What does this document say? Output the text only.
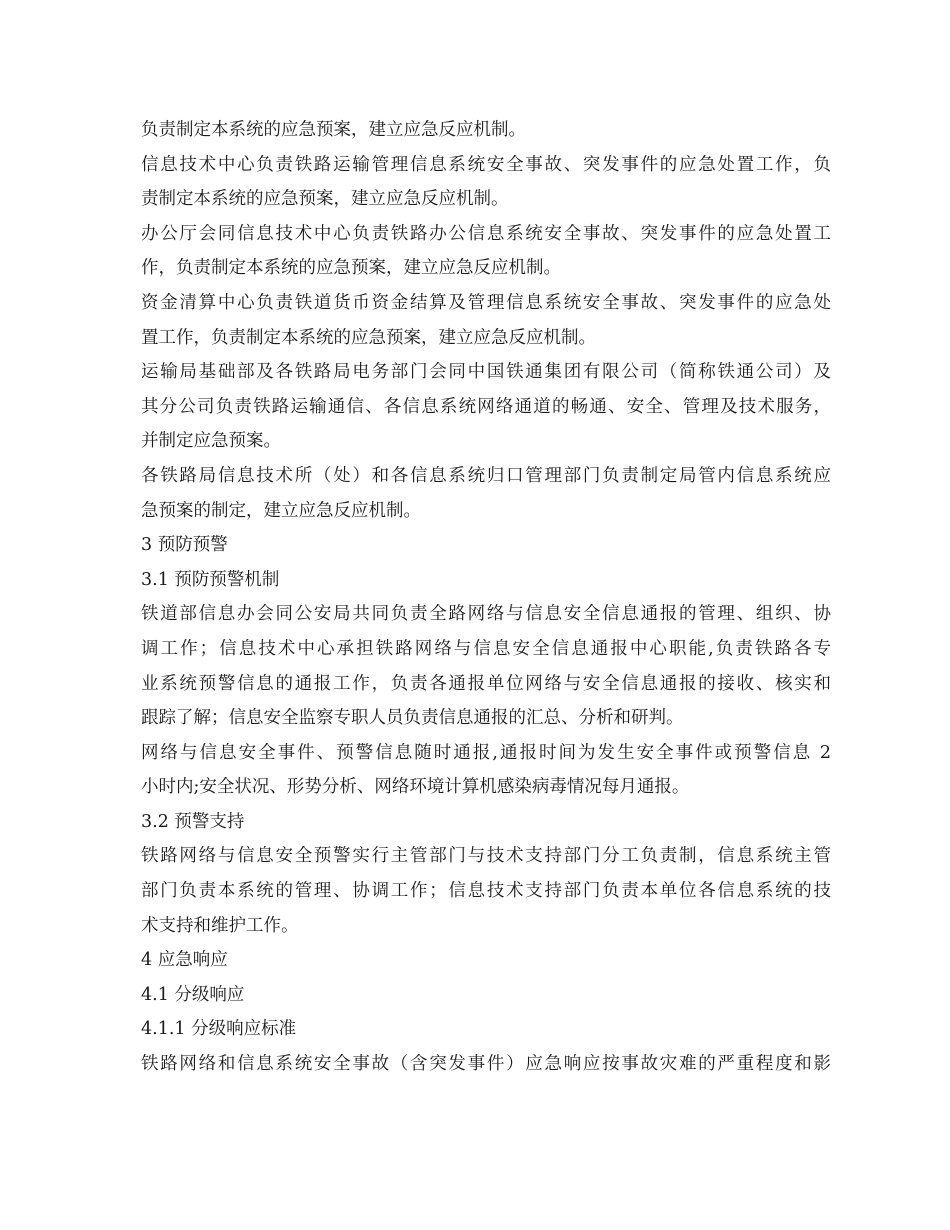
负责制定本系统的应急预案，建立应急反应机制。
信息技术中心负责铁路运输管理信息系统安全事故、突发事件的应急处置工作，负
责制定本系统的应急预案，建立应急反应机制。
办公厅会同信息技术中心负责铁路办公信息系统安全事故、突发事件的应急处置工
作，负责制定本系统的应急预案，建立应急反应机制。
资金清算中心负责铁道货币资金结算及管理信息系统安全事故、突发事件的应急处
置工作，负责制定本系统的应急预案，建立应急反应机制。
运输局基础部及各铁路局电务部门会同中国铁通集团有限公司（简称铁通公司）及
其分公司负责铁路运输通信、各信息系统网络通道的畅通、安全、管理及技术服务，
并制定应急预案。
各铁路局信息技术所（处）和各信息系统归口管理部门负责制定局管内信息系统应
急预案的制定，建立应急反应机制。
3 预防预警
3.1 预防预警机制
铁道部信息办会同公安局共同负责全路网络与信息安全信息通报的管理、组织、协
调工作；信息技术中心承担铁路网络与信息安全信息通报中心职能,负责铁路各专
业系统预警信息的通报工作，负责各通报单位网络与安全信息通报的接收、核实和
跟踪了解；信息安全监察专职人员负责信息通报的汇总、分析和研判。
网络与信息安全事件、预警信息随时通报,通报时间为发生安全事件或预警信息 2
小时内;安全状况、形势分析、网络环境计算机感染病毒情况每月通报。
3.2 预警支持
铁路网络与信息安全预警实行主管部门与技术支持部门分工负责制，信息系统主管
部门负责本系统的管理、协调工作；信息技术支持部门负责本单位各信息系统的技
术支持和维护工作。
4 应急响应
4.1 分级响应
4.1.1 分级响应标准
铁路网络和信息系统安全事故（含突发事件）应急响应按事故灾难的严重程度和影
